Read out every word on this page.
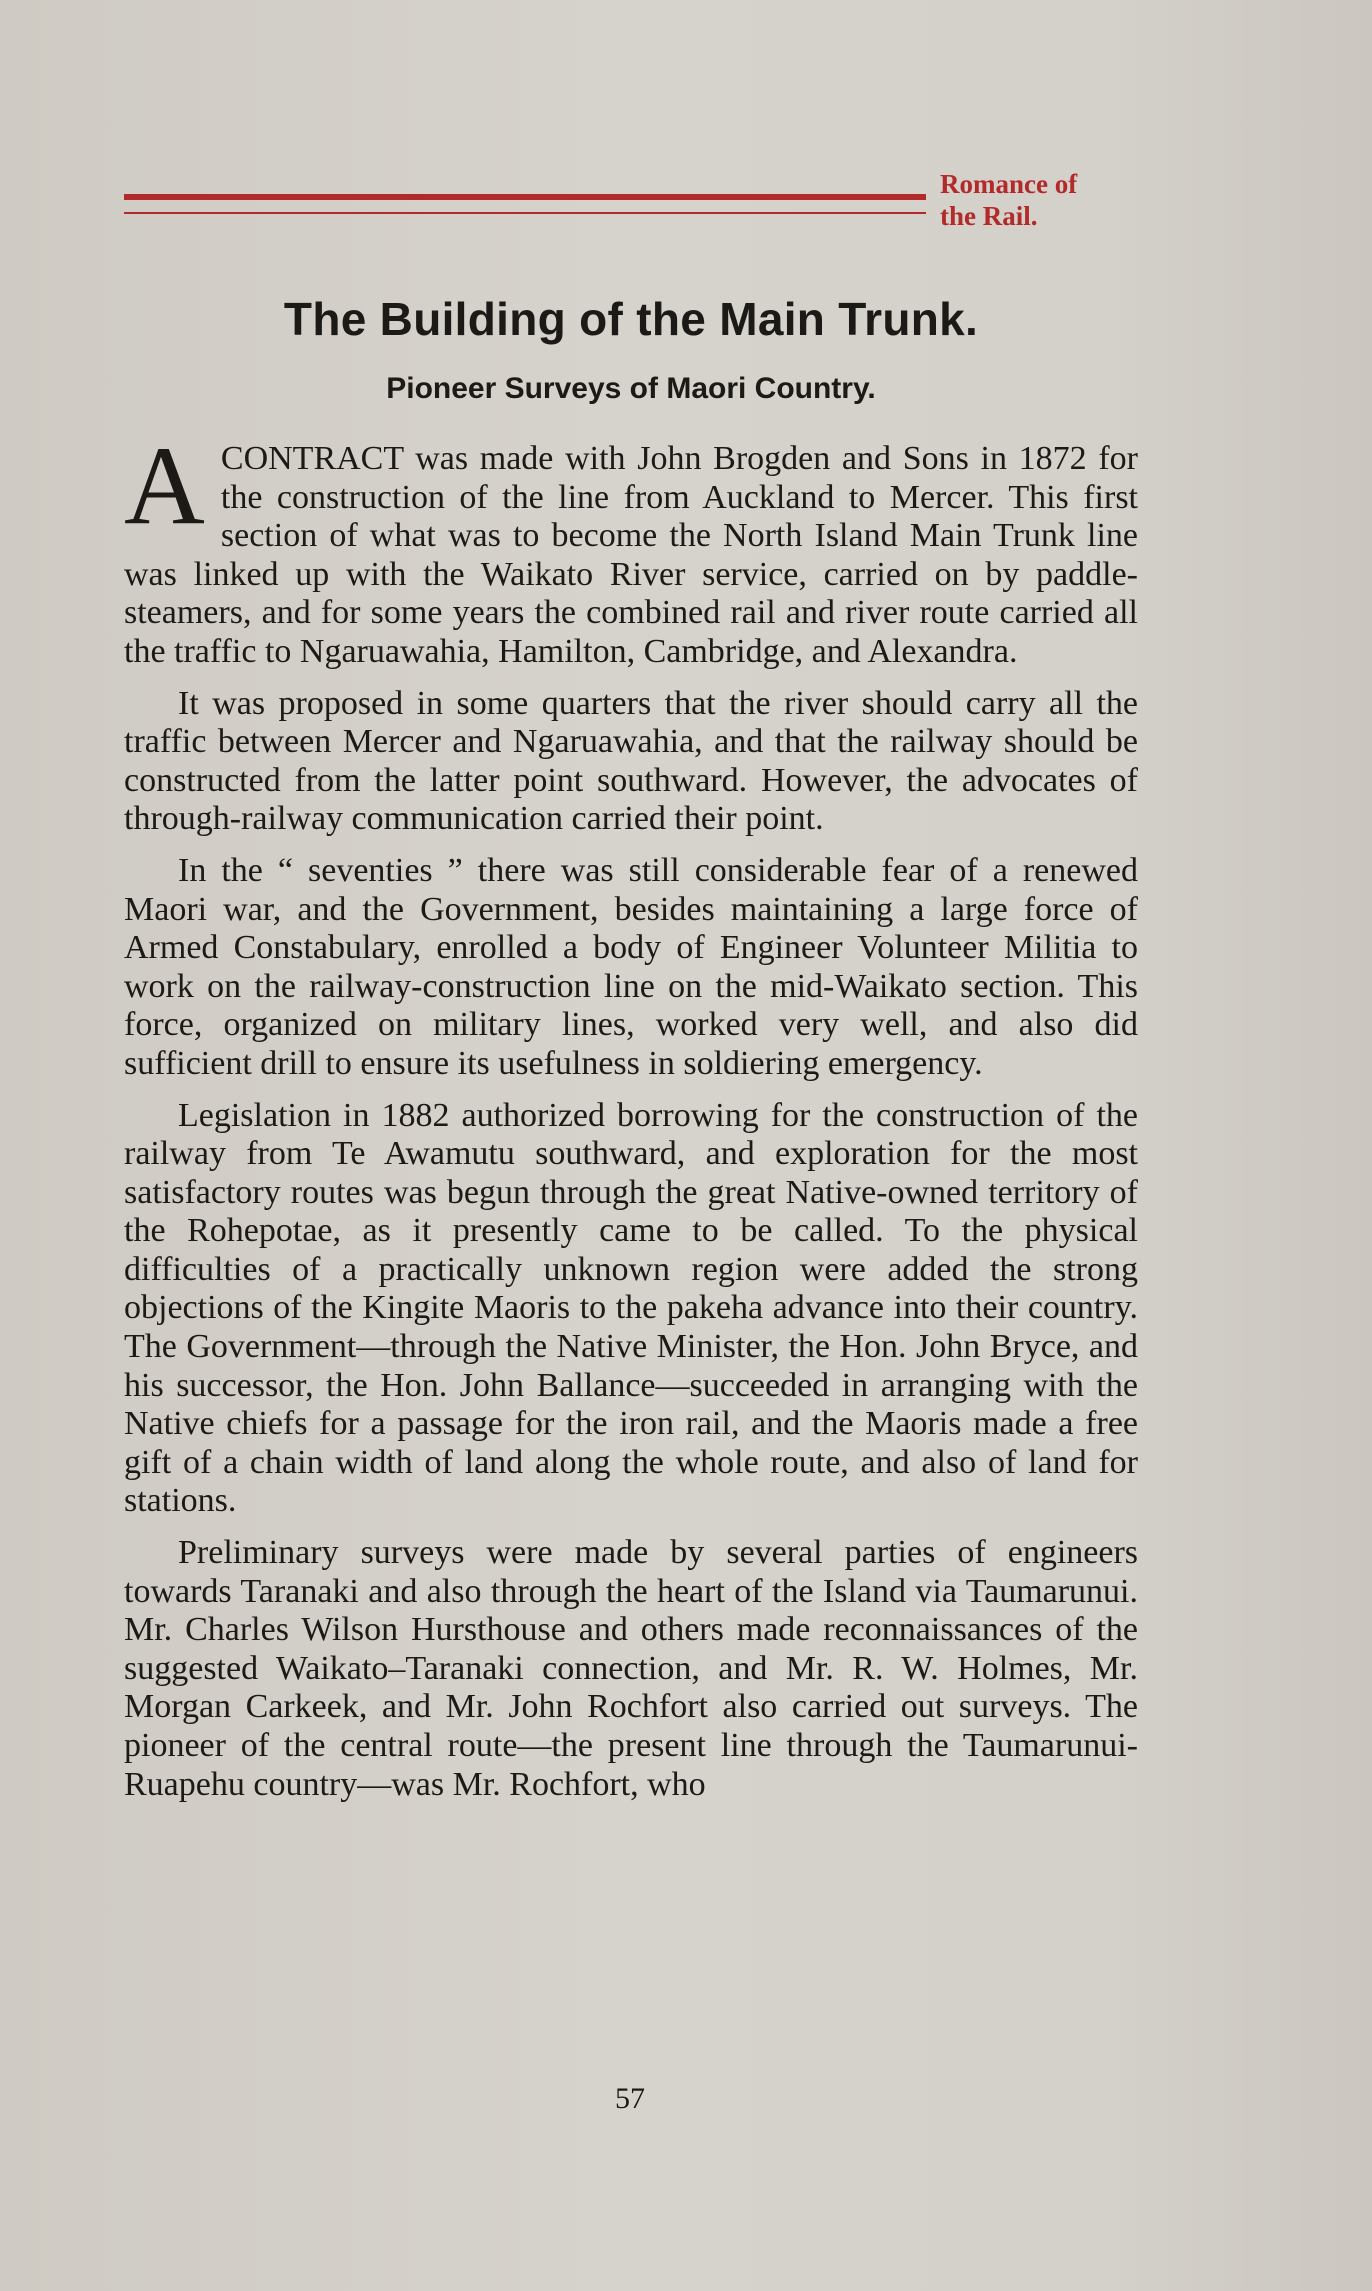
Romance of
the Rail.
The Building of the Main Trunk.
Pioneer Surveys of Maori Country.

A CONTRACT was made with John Brogden and Sons in 1872 for the construction of the line from Auckland to Mercer. This first section of what was to become the North Island Main Trunk line was linked up with the Waikato River service, carried on by paddle-steamers, and for some years the combined rail and river route carried all the traffic to Ngaruawahia, Hamilton, Cambridge, and Alexandra.

It was proposed in some quarters that the river should carry all the traffic between Mercer and Ngaruawahia, and that the railway should be constructed from the latter point southward. However, the advocates of through-railway communication carried their point.

In the “ seventies ” there was still considerable fear of a renewed Maori war, and the Government, besides maintaining a large force of Armed Constabulary, enrolled a body of Engineer Volunteer Militia to work on the railway-construction line on the mid-Waikato section. This force, organized on military lines, worked very well, and also did sufficient drill to ensure its usefulness in soldiering emergency.

Legislation in 1882 authorized borrowing for the construction of the railway from Te Awamutu southward, and exploration for the most satisfactory routes was begun through the great Native-owned territory of the Rohepotae, as it presently came to be called. To the physical difficulties of a practically unknown region were added the strong objections of the Kingite Maoris to the pakeha advance into their country. The Government—through the Native Minister, the Hon. John Bryce, and his successor, the Hon. John Ballance—succeeded in arranging with the Native chiefs for a passage for the iron rail, and the Maoris made a free gift of a chain width of land along the whole route, and also of land for stations.

Preliminary surveys were made by several parties of engineers towards Taranaki and also through the heart of the Island via Taumarunui. Mr. Charles Wilson Hursthouse and others made reconnaissances of the suggested Waikato–Taranaki connection, and Mr. R. W. Holmes, Mr. Morgan Carkeek, and Mr. John Rochfort also carried out surveys. The pioneer of the central route—the present line through the Taumarunui-Ruapehu country—was Mr. Rochfort, who

57
